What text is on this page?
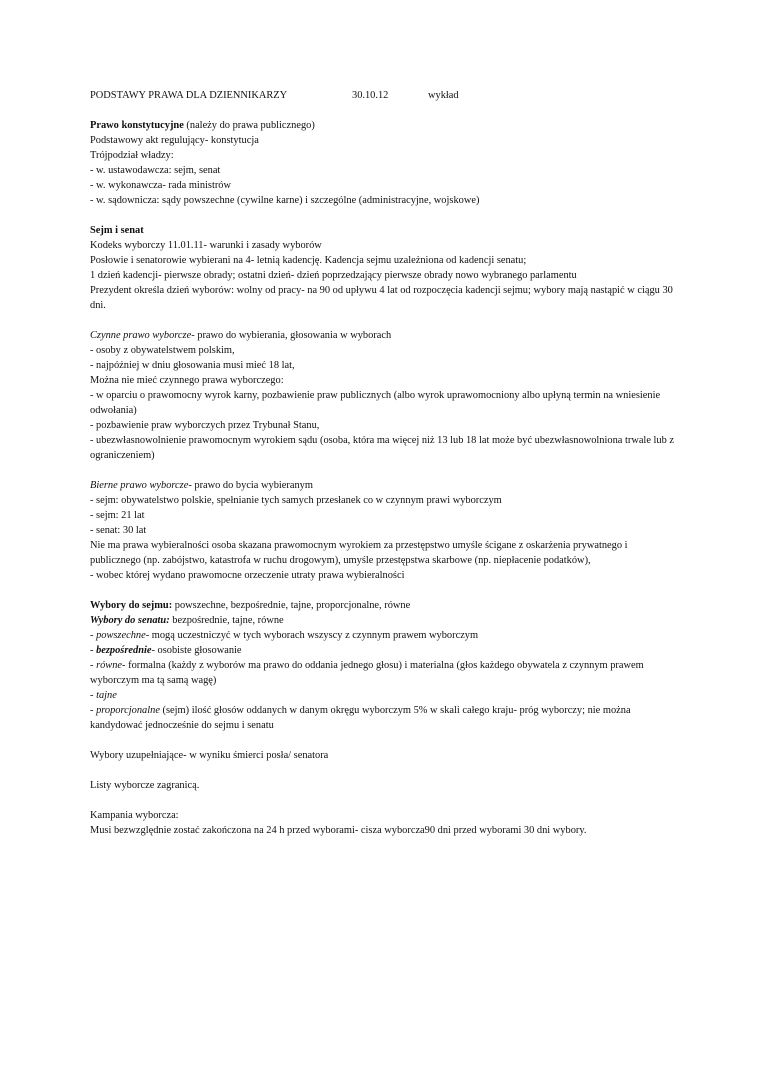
PODSTAWY PRAWA DLA DZIENNIKARZY	30.10.12	wykład

Prawo konstytucyjne (należy do prawa publicznego)

Podstawowy akt regulujący- konstytucja

Trójpodział władzy:

- w. ustawodawcza: sejm, senat

- w. wykonawcza- rada ministrów

- w. sądownicza: sądy powszechne (cywilne karne) i szczególne (administracyjne, wojskowe)

Sejm i senat

Kodeks wyborczy 11.01.11- warunki i zasady wyborów

Posłowie i senatorowie wybierani na 4- letnią kadencję. Kadencja sejmu uzależniona od kadencji senatu;

1 dzień kadencji- pierwsze obrady; ostatni dzień- dzień poprzedzający pierwsze obrady nowo wybranego parlamentu

Prezydent określa dzień wyborów: wolny od pracy- na 90 od upływu 4 lat od rozpoczęcia kadencji sejmu; wybory mają nastąpić w ciągu 30 dni.

Czynne prawo wyborcze- prawo do wybierania, głosowania w wyborach

- osoby z obywatelstwem polskim,

- najpóźniej w dniu głosowania musi mieć 18 lat,

Można nie mieć czynnego prawa wyborczego:

- w oparciu o prawomocny wyrok karny, pozbawienie praw publicznych (albo wyrok uprawomocniony albo upłyną termin na wniesienie odwołania)

- pozbawienie praw wyborczych przez Trybunał Stanu,

- ubezwłasnowolnienie prawomocnym wyrokiem sądu (osoba, która ma więcej niż 13 lub 18 lat może być ubezwłasnowolniona trwale lub z ograniczeniem)

Bierne prawo wyborcze- prawo do bycia wybieranym

- sejm: obywatelstwo polskie, spełnianie tych samych przesłanek co w czynnym prawi wyborczym

- sejm: 21 lat

- senat: 30 lat

Nie ma prawa wybieralności osoba skazana prawomocnym wyrokiem za przestępstwo umyśle ścigane z oskarżenia prywatnego i publicznego (np. zabójstwo, katastrofa w ruchu drogowym), umyśle przestępstwa skarbowe (np. niepłacenie podatków),

- wobec której wydano prawomocne orzeczenie utraty prawa wybieralności

Wybory do sejmu: powszechne, bezpośrednie, tajne, proporcjonalne, równe

Wybory do senatu: bezpośrednie, tajne, równe

- powszechne- mogą uczestniczyć w tych wyborach wszyscy z czynnym prawem wyborczym

- bezpośrednie- osobiste głosowanie

- równe- formalna (każdy z wyborów ma prawo do oddania jednego głosu) i materialna (głos każdego obywatela z czynnym prawem wyborczym ma tą samą wagę)

- tajne

- proporcjonalne (sejm) ilość głosów oddanych w danym okręgu wyborczym 5% w skali całego kraju- próg wyborczy; nie można kandydować jednocześnie do sejmu i senatu

Wybory uzupełniające- w wyniku śmierci posła/ senatora

Listy wyborcze zagranicą.

Kampania wyborcza:

Musi bezwzględnie zostać zakończona na 24 h przed wyborami- cisza wyborcza90 dni przed wyborami 30 dni wybory.
